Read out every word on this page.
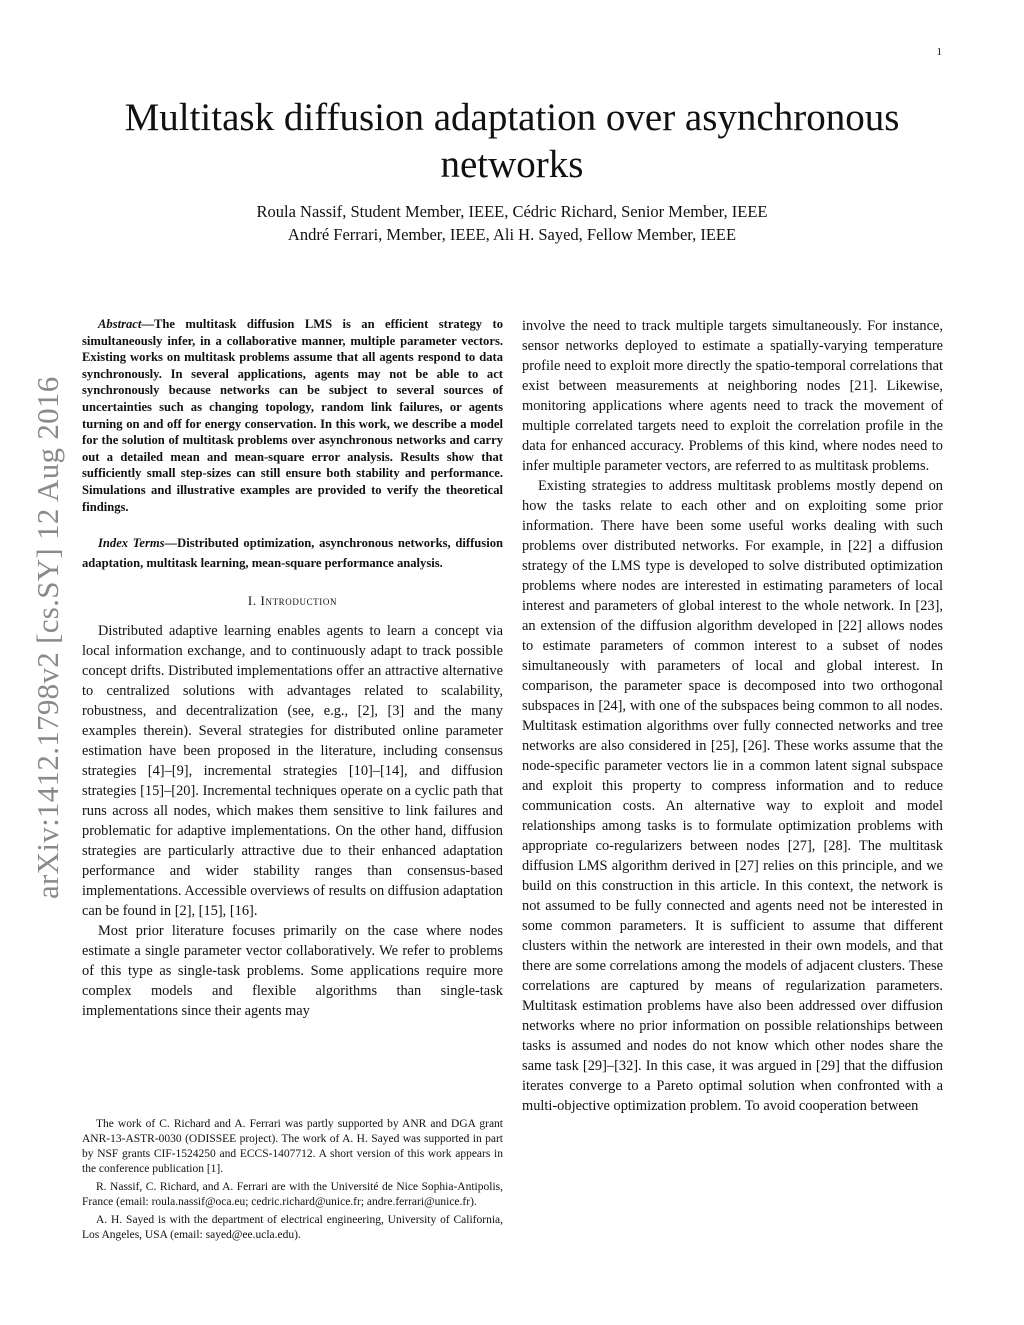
1
arXiv:1412.1798v2 [cs.SY] 12 Aug 2016
Multitask diffusion adaptation over asynchronous networks
Roula Nassif, Student Member, IEEE, Cédric Richard, Senior Member, IEEE
André Ferrari, Member, IEEE, Ali H. Sayed, Fellow Member, IEEE

Abstract—The multitask diffusion LMS is an efficient strategy to simultaneously infer, in a collaborative manner, multiple parameter vectors. Existing works on multitask problems assume that all agents respond to data synchronously. In several applications, agents may not be able to act synchronously because networks can be subject to several sources of uncertainties such as changing topology, random link failures, or agents turning on and off for energy conservation. In this work, we describe a model for the solution of multitask problems over asynchronous networks and carry out a detailed mean and mean-square error analysis. Results show that sufficiently small step-sizes can still ensure both stability and performance. Simulations and illustrative examples are provided to verify the theoretical findings.

Index Terms—Distributed optimization, asynchronous networks, diffusion adaptation, multitask learning, mean-square performance analysis.

I. Introduction

Distributed adaptive learning enables agents to learn a concept via local information exchange, and to continuously adapt to track possible concept drifts. Distributed implementations offer an attractive alternative to centralized solutions with advantages related to scalability, robustness, and decentralization (see, e.g., [2], [3] and the many examples therein). Several strategies for distributed online parameter estimation have been proposed in the literature, including consensus strategies [4]–[9], incremental strategies [10]–[14], and diffusion strategies [15]–[20]. Incremental techniques operate on a cyclic path that runs across all nodes, which makes them sensitive to link failures and problematic for adaptive implementations. On the other hand, diffusion strategies are particularly attractive due to their enhanced adaptation performance and wider stability ranges than consensus-based implementations. Accessible overviews of results on diffusion adaptation can be found in [2], [15], [16].

Most prior literature focuses primarily on the case where nodes estimate a single parameter vector collaboratively. We refer to problems of this type as single-task problems. Some applications require more complex models and flexible algorithms than single-task implementations since their agents may

The work of C. Richard and A. Ferrari was partly supported by ANR and DGA grant ANR-13-ASTR-0030 (ODISSEE project). The work of A. H. Sayed was supported in part by NSF grants CIF-1524250 and ECCS-1407712. A short version of this work appears in the conference publication [1].

R. Nassif, C. Richard, and A. Ferrari are with the Université de Nice Sophia-Antipolis, France (email: roula.nassif@oca.eu; cedric.richard@unice.fr; andre.ferrari@unice.fr).

A. H. Sayed is with the department of electrical engineering, University of California, Los Angeles, USA (email: sayed@ee.ucla.edu).

involve the need to track multiple targets simultaneously. For instance, sensor networks deployed to estimate a spatially-varying temperature profile need to exploit more directly the spatio-temporal correlations that exist between measurements at neighboring nodes [21]. Likewise, monitoring applications where agents need to track the movement of multiple correlated targets need to exploit the correlation profile in the data for enhanced accuracy. Problems of this kind, where nodes need to infer multiple parameter vectors, are referred to as multitask problems.

Existing strategies to address multitask problems mostly depend on how the tasks relate to each other and on exploiting some prior information. There have been some useful works dealing with such problems over distributed networks. For example, in [22] a diffusion strategy of the LMS type is developed to solve distributed optimization problems where nodes are interested in estimating parameters of local interest and parameters of global interest to the whole network. In [23], an extension of the diffusion algorithm developed in [22] allows nodes to estimate parameters of common interest to a subset of nodes simultaneously with parameters of local and global interest. In comparison, the parameter space is decomposed into two orthogonal subspaces in [24], with one of the subspaces being common to all nodes. Multitask estimation algorithms over fully connected networks and tree networks are also considered in [25], [26]. These works assume that the node-specific parameter vectors lie in a common latent signal subspace and exploit this property to compress information and to reduce communication costs. An alternative way to exploit and model relationships among tasks is to formulate optimization problems with appropriate co-regularizers between nodes [27], [28]. The multitask diffusion LMS algorithm derived in [27] relies on this principle, and we build on this construction in this article. In this context, the network is not assumed to be fully connected and agents need not be interested in some common parameters. It is sufficient to assume that different clusters within the network are interested in their own models, and that there are some correlations among the models of adjacent clusters. These correlations are captured by means of regularization parameters. Multitask estimation problems have also been addressed over diffusion networks where no prior information on possible relationships between tasks is assumed and nodes do not know which other nodes share the same task [29]–[32]. In this case, it was argued in [29] that the diffusion iterates converge to a Pareto optimal solution when confronted with a multi-objective optimization problem. To avoid cooperation between
